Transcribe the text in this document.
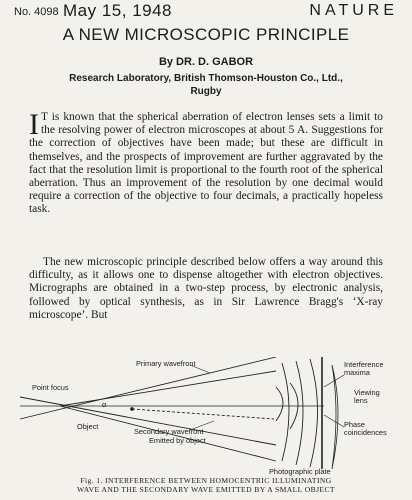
No. 4098 May 15, 1948	NATURE
A NEW MICROSCOPIC PRINCIPLE
By DR. D. GABOR
Research Laboratory, British Thomson-Houston Co., Ltd.,
Rugby
I T is known that the spherical aberration of electron lenses sets a limit to the resolving power of electron microscopes at about 5 A. Suggestions for the correction of objectives have been made; but these are difficult in themselves, and the prospects of improvement are further aggravated by the fact that the resolution limit is proportional to the fourth root of the spherical aberration. Thus an improvement of the resolution by one decimal would require a correction of the objective to four decimals, a practically hopeless task.
The new microscopic principle described below offers a way around this difficulty, as it allows one to dispense altogether with electron objectives. Micrographs are obtained in a two-step process, by electronic analysis, followed by optical synthesis, as in Sir Lawrence Bragg's ‘X-ray microscope’. But
Point focus
Primary wavefront
Secondary wavefront
Emitted by object
Object
α
Interference
maxima
Viewing
lens
Phase
coincidences
Photographic plate
Fig. 1. INTERFERENCE BETWEEN HOMOCENTRIC ILLUMINATING
WAVE AND THE SECONDARY WAVE EMITTED BY A SMALL OBJECT
